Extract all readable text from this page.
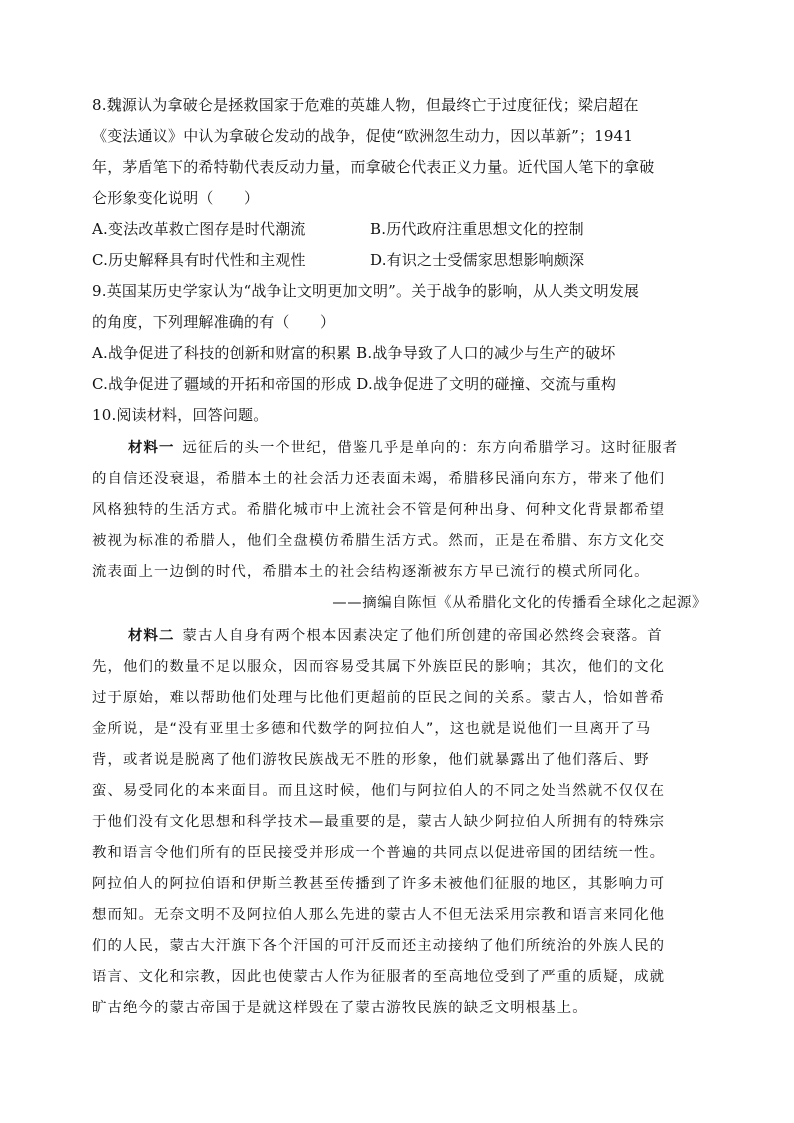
8.魏源认为拿破仑是拯救国家于危难的英雄人物，但最终亡于过度征伐；梁启超在
《变法通议》中认为拿破仑发动的战争，促使“欧洲忽生动力，因以革新”；1941
年，茅盾笔下的希特勒代表反动力量，而拿破仑代表正义力量。近代国人笔下的拿破
仑形象变化说明（　　）
A.变法改革救亡图存是时代潮流	B.历代政府注重思想文化的控制
C.历史解释具有时代性和主观性	D.有识之士受儒家思想影响颇深
9.英国某历史学家认为“战争让文明更加文明”。关于战争的影响，从人类文明发展
的角度，下列理解准确的有（　　）
A.战争促进了科技的创新和财富的积累 B.战争导致了人口的减少与生产的破坏
C.战争促进了疆域的开拓和帝国的形成 D.战争促进了文明的碰撞、交流与重构
10.阅读材料，回答问题。
材料一 远征后的头一个世纪，借鉴几乎是单向的：东方向希腊学习。这时征服者
的自信还没衰退，希腊本土的社会活力还表面未竭，希腊移民涌向东方，带来了他们
风格独特的生活方式。希腊化城市中上流社会不管是何种出身、何种文化背景都希望
被视为标准的希腊人，他们全盘模仿希腊生活方式。然而，正是在希腊、东方文化交
流表面上一边倒的时代，希腊本土的社会结构逐渐被东方早已流行的模式所同化。
——摘编自陈恒《从希腊化文化的传播看全球化之起源》
材料二 蒙古人自身有两个根本因素决定了他们所创建的帝国必然终会衰落。首
先，他们的数量不足以服众，因而容易受其属下外族臣民的影响；其次，他们的文化
过于原始，难以帮助他们处理与比他们更超前的臣民之间的关系。蒙古人，恰如普希
金所说，是“没有亚里士多德和代数学的阿拉伯人”，这也就是说他们一旦离开了马
背，或者说是脱离了他们游牧民族战无不胜的形象，他们就暴露出了他们落后、野
蛮、易受同化的本来面目。而且这时候，他们与阿拉伯人的不同之处当然就不仅仅在
于他们没有文化思想和科学技术—最重要的是，蒙古人缺少阿拉伯人所拥有的特殊宗
教和语言令他们所有的臣民接受并形成一个普遍的共同点以促进帝国的团结统一性。
阿拉伯人的阿拉伯语和伊斯兰教甚至传播到了许多未被他们征服的地区，其影响力可
想而知。无奈文明不及阿拉伯人那么先进的蒙古人不但无法采用宗教和语言来同化他
们的人民，蒙古大汗旗下各个汗国的可汗反而还主动接纳了他们所统治的外族人民的
语言、文化和宗教，因此也使蒙古人作为征服者的至高地位受到了严重的质疑，成就
旷古绝今的蒙古帝国于是就这样毁在了蒙古游牧民族的缺乏文明根基上。
